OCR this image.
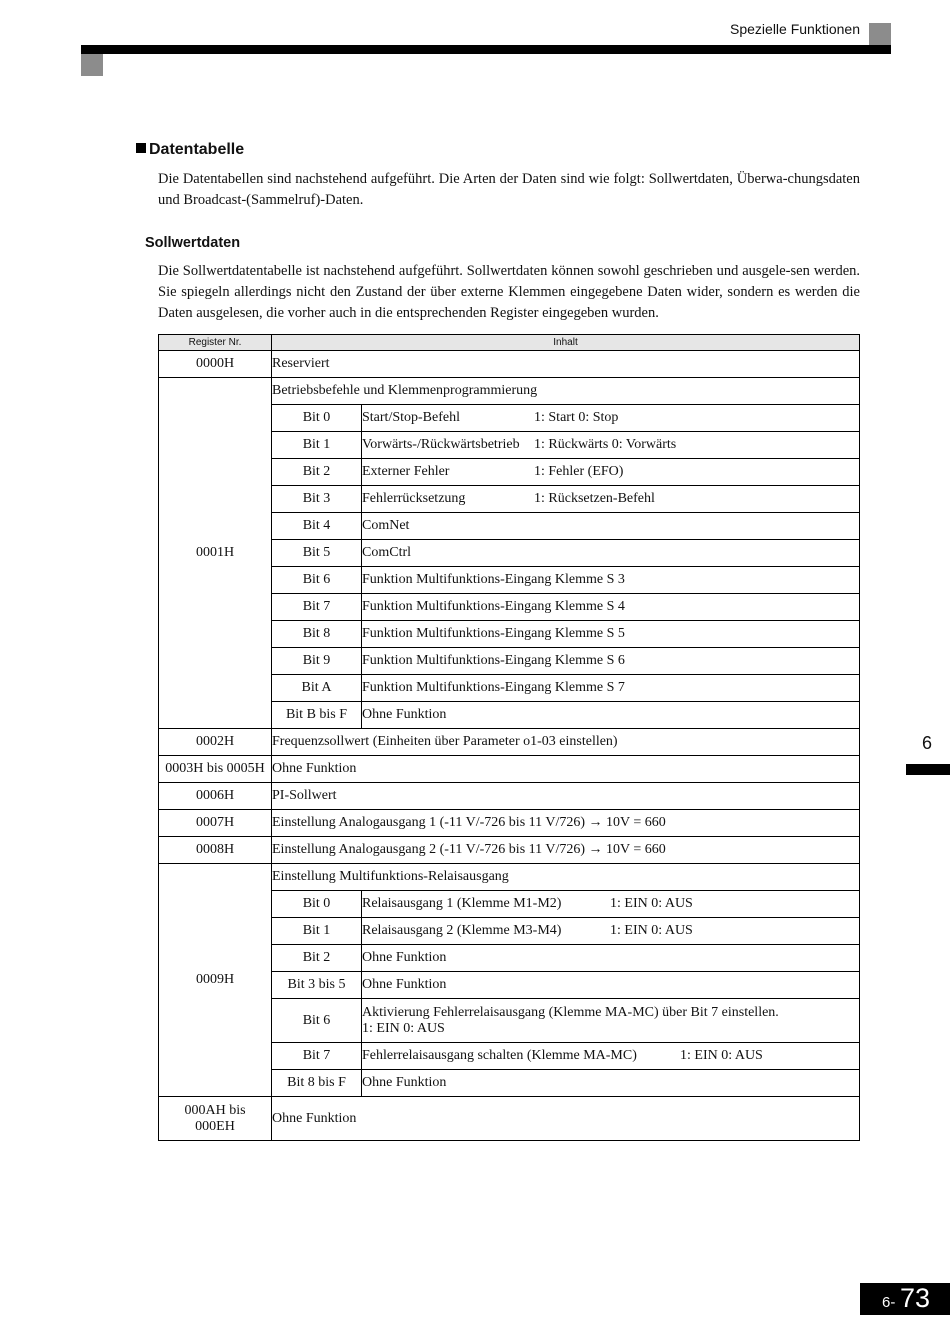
Spezielle Funktionen
Datentabelle
Die Datentabellen sind nachstehend aufgeführt. Die Arten der Daten sind wie folgt: Sollwertdaten, Überwa-chungsdaten und Broadcast-(Sammelruf)-Daten.
Sollwertdaten
Die Sollwertdatentabelle ist nachstehend aufgeführt. Sollwertdaten können sowohl geschrieben und ausgele-sen werden. Sie spiegeln allerdings nicht den Zustand der über externe Klemmen eingegebene Daten wider, sondern es werden die Daten ausgelesen, die vorher auch in die entsprechenden Register eingegeben wurden.
Register Nr.	Inhalt	
0000H	Reserviert	
0001H	Betriebsbefehle und Klemmenprogrammierung	
	Bit 0	Start/Stop-Befehl 1: Start 0: Stop
	Bit 1	Vorwärts-/Rückwärtsbetrieb 1: Rückwärts 0: Vorwärts
	Bit 2	Externer Fehler 1: Fehler (EFO)
	Bit 3	Fehlerrücksetzung 1: Rücksetzen-Befehl
	Bit 4	ComNet
	Bit 5	ComCtrl
	Bit 6	Funktion Multifunktions-Eingang Klemme S 3
	Bit 7	Funktion Multifunktions-Eingang Klemme S 4
	Bit 8	Funktion Multifunktions-Eingang Klemme S 5
	Bit 9	Funktion Multifunktions-Eingang Klemme S 6
	Bit A	Funktion Multifunktions-Eingang Klemme S 7
	Bit B bis F	Ohne Funktion
0002H	Frequenzsollwert (Einheiten über Parameter o1-03 einstellen)	
0003H bis 0005H	Ohne Funktion	
0006H	PI-Sollwert	
0007H	Einstellung Analogausgang 1 (-11 V/-726 bis 11 V/726) → 10V = 660	
0008H	Einstellung Analogausgang 2 (-11 V/-726 bis 11 V/726) → 10V = 660	
0009H	Einstellung Multifunktions-Relaisausgang	
	Bit 0	Relaisausgang 1 (Klemme M1-M2) 1: EIN 0: AUS
	Bit 1	Relaisausgang 2 (Klemme M3-M4) 1: EIN 0: AUS
	Bit 2	Ohne Funktion
	Bit 3 bis 5	Ohne Funktion
	Bit 6	Aktivierung Fehlerrelaisausgang (Klemme MA-MC) über Bit 7 einstellen.
1: EIN 0: AUS

	Bit 7	Fehlerrelaisausgang schalten (Klemme MA-MC) 1: EIN 0: AUS
	Bit 8 bis F	Ohne Funktion

000AH bis
000EH	Ohne Funktion	
6
6- 73
